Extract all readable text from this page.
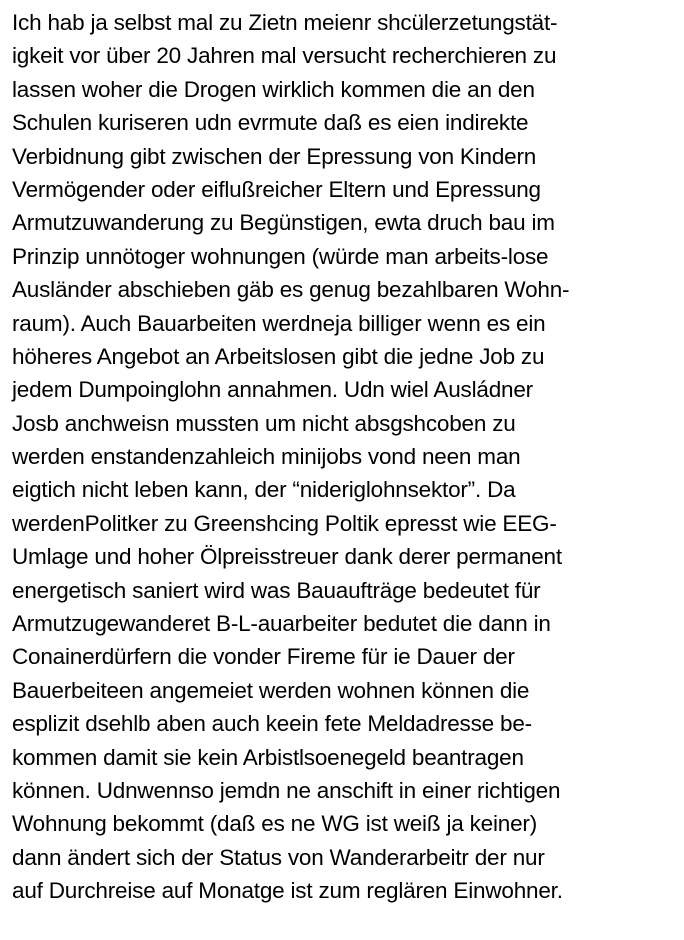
Ich hab ja selbst mal zu Zietn meienr shcülerzetungstät-
igkeit vor über 20 Jahren mal versucht recherchieren zu
lassen woher die Drogen wirklich kommen die an den
Schulen kuriseren udn evrmute daß es eien indirekte
Verbidnung gibt zwischen der Epressung von Kindern
Vermögender oder eiflußreicher Eltern und Epressung
Armutzuwanderung zu Begünstigen, ewta druch bau im
Prinzip unnötoger wohnungen (würde man arbeits-lose
Ausländer abschieben gäb es genug bezahlbaren Wohn-
raum). Auch Bauarbeiten werdneja billiger wenn es ein
höheres Angebot an Arbeitslosen gibt die jedne Job zu
jedem Dumpoinglohn annahmen. Udn wiel Ausládner
Josb anchweisn mussten um nicht absgshcoben zu
werden enstandenzahleich minijobs vond neen man
eigtich nicht leben kann, der “nideriglohnsektor”. Da
werdenPolitker zu Greenshcing Poltik epresst wie EEG-
Umlage und hoher Ölpreisstreuer dank derer permanent
energetisch saniert wird was Bauaufträge bedeutet für
Armutzugewanderet B-L-auarbeiter bedutet die dann in
Conainerdürfern die vonder Fireme für ie Dauer der
Bauerbeiteen angemeiet werden wohnen können die
esplizit dsehlb aben auch keein fete Meldadresse be-
kommen damit sie kein Arbistlsoenegeld beantragen
können. Udnwennso jemdn ne anschift in einer richtigen
Wohnung bekommt (daß es ne WG ist weiß ja keiner)
dann ändert sich der Status von Wanderarbeitr der nur
auf Durchreise auf Monatge ist zum reglären Einwohner.
